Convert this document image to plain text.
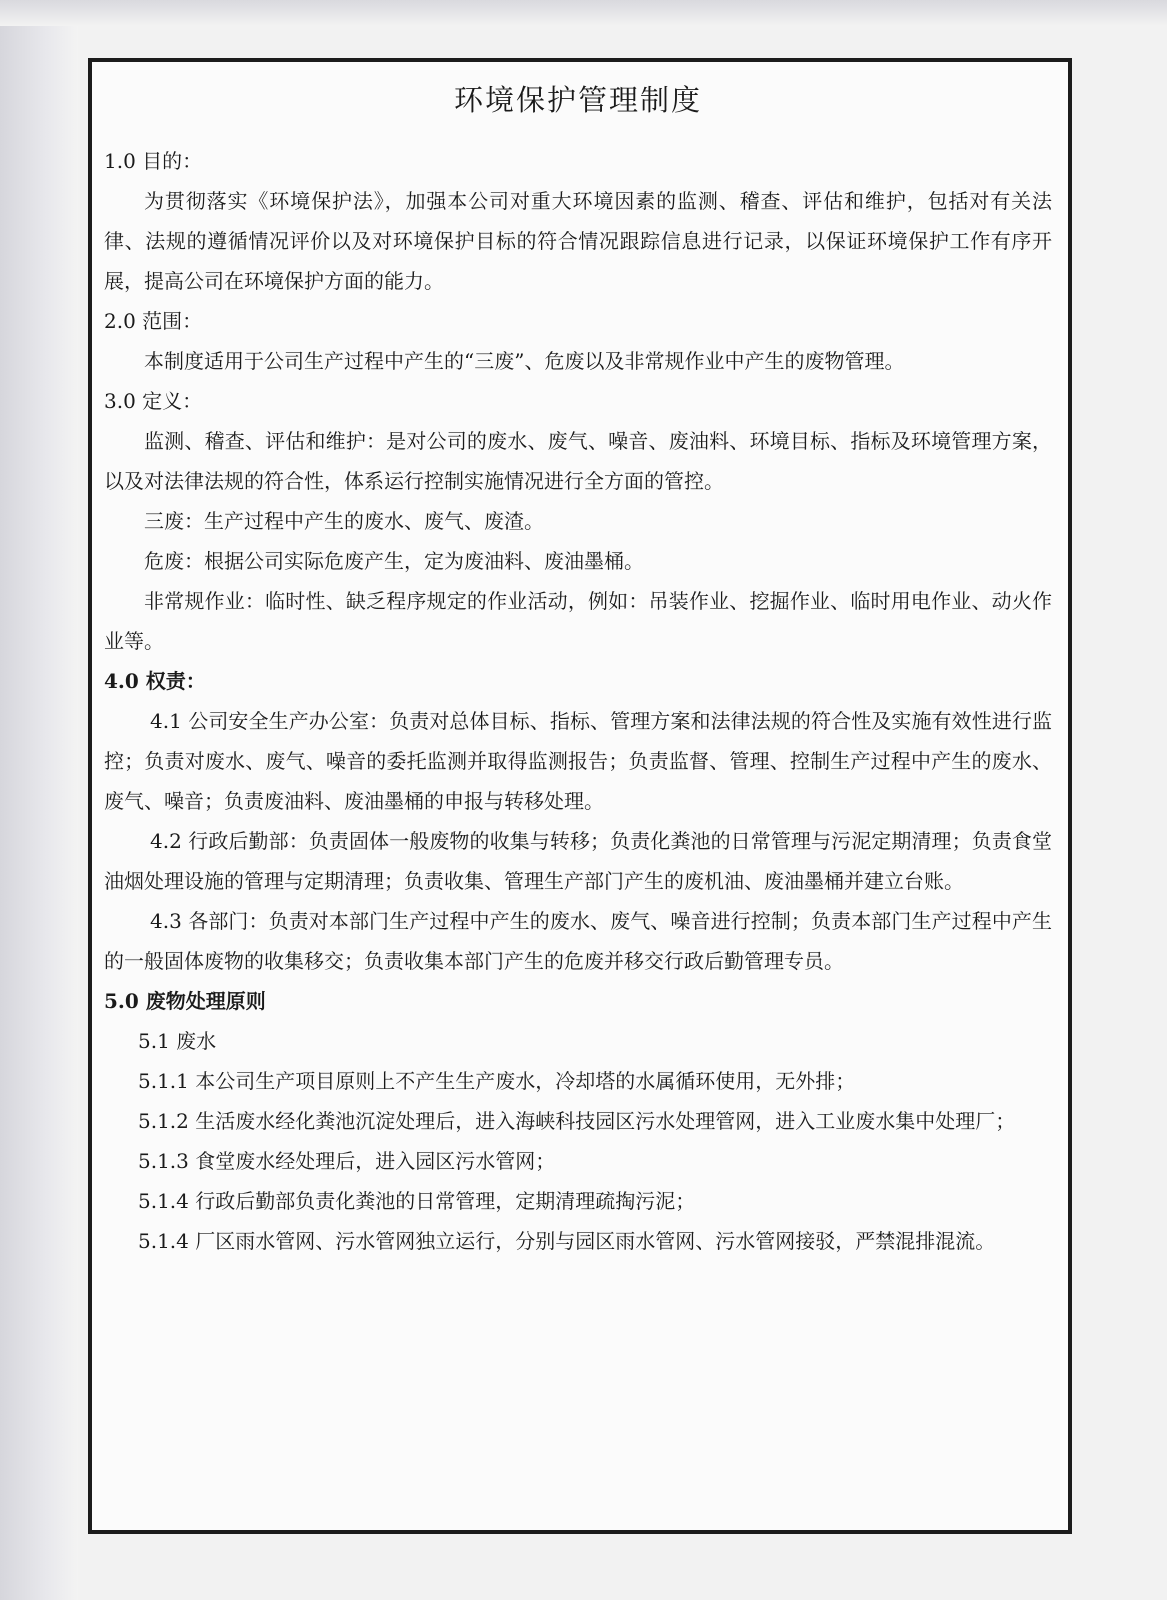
环境保护管理制度

1.0 目的：

为贯彻落实《环境保护法》，加强本公司对重大环境因素的监测、稽查、评估和维护，包括对有关法律、法规的遵循情况评价以及对环境保护目标的符合情况跟踪信息进行记录，以保证环境保护工作有序开展，提高公司在环境保护方面的能力。

2.0 范围：

本制度适用于公司生产过程中产生的“三废”、危废以及非常规作业中产生的废物管理。

3.0 定义：

监测、稽查、评估和维护：是对公司的废水、废气、噪音、废油料、环境目标、指标及环境管理方案，以及对法律法规的符合性，体系运行控制实施情况进行全方面的管控。

三废：生产过程中产生的废水、废气、废渣。

危废：根据公司实际危废产生，定为废油料、废油墨桶。

非常规作业：临时性、缺乏程序规定的作业活动，例如：吊装作业、挖掘作业、临时用电作业、动火作业等。

4.0 权责：

4.1 公司安全生产办公室：负责对总体目标、指标、管理方案和法律法规的符合性及实施有效性进行监控；负责对废水、废气、噪音的委托监测并取得监测报告；负责监督、管理、控制生产过程中产生的废水、废气、噪音；负责废油料、废油墨桶的申报与转移处理。

4.2 行政后勤部：负责固体一般废物的收集与转移；负责化粪池的日常管理与污泥定期清理；负责食堂油烟处理设施的管理与定期清理；负责收集、管理生产部门产生的废机油、废油墨桶并建立台账。

4.3 各部门：负责对本部门生产过程中产生的废水、废气、噪音进行控制；负责本部门生产过程中产生的一般固体废物的收集移交；负责收集本部门产生的危废并移交行政后勤管理专员。

5.0 废物处理原则

5.1 废水

5.1.1 本公司生产项目原则上不产生生产废水，冷却塔的水属循环使用，无外排；

5.1.2 生活废水经化粪池沉淀处理后，进入海峡科技园区污水处理管网，进入工业废水集中处理厂；

5.1.3 食堂废水经处理后，进入园区污水管网；

5.1.4 行政后勤部负责化粪池的日常管理，定期清理疏掏污泥；

5.1.4 厂区雨水管网、污水管网独立运行，分别与园区雨水管网、污水管网接驳，严禁混排混流。
